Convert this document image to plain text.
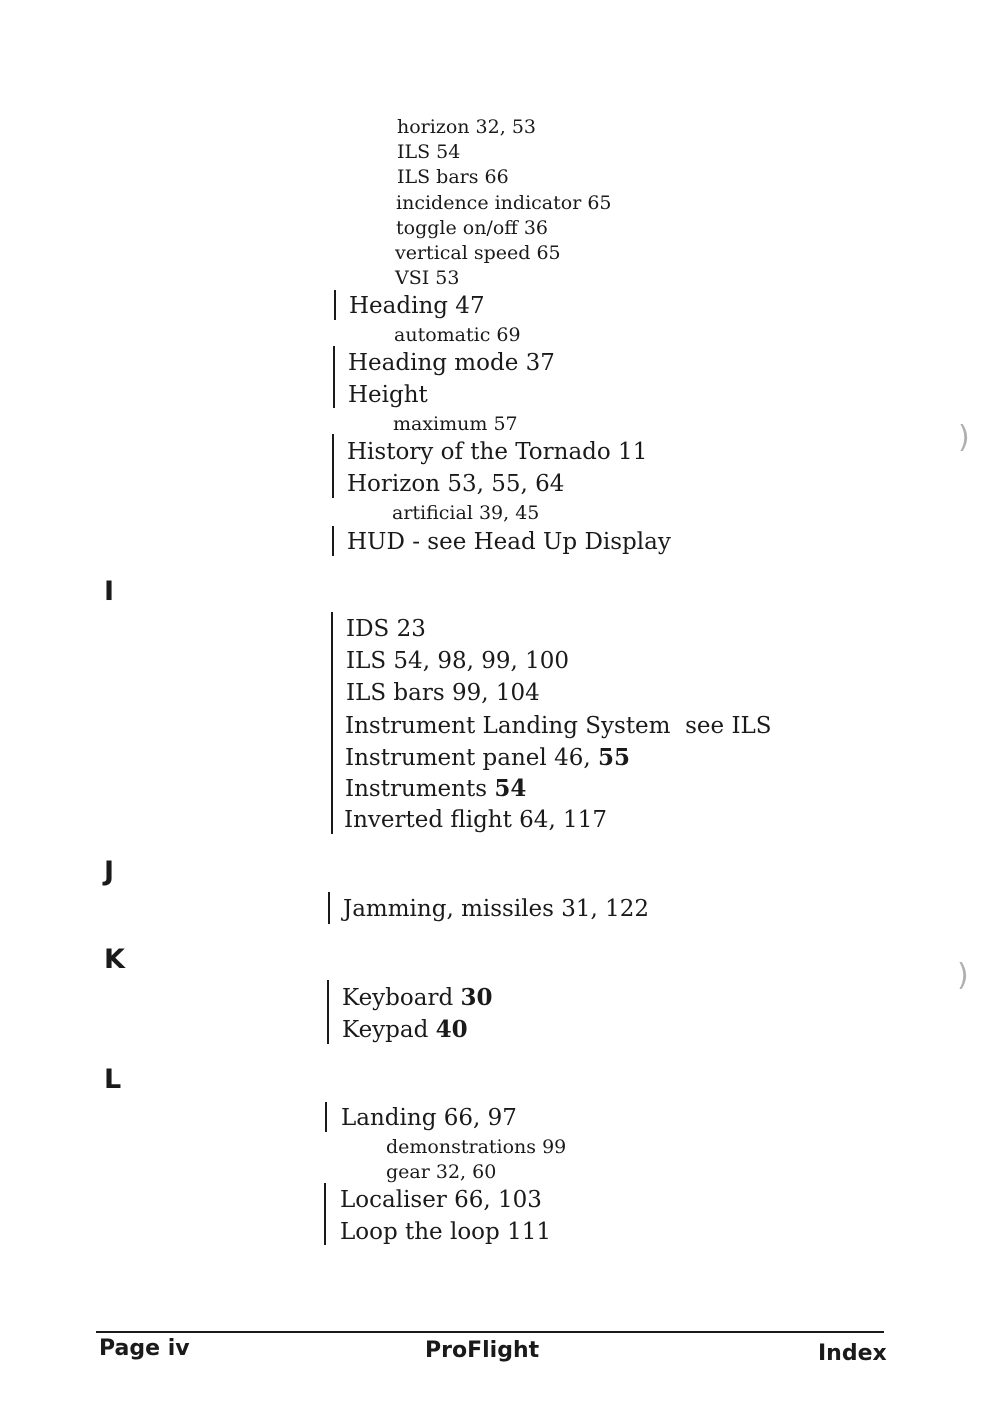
horizon 32, 53
ILS 54
ILS bars 66
incidence indicator 65
toggle on/off 36
vertical speed 65
VSI 53
Heading 47
automatic 69
Heading mode 37
Height
maximum 57
History of the Tornado 11
Horizon 53, 55, 64
artificial 39, 45
HUD - see Head Up Display
I
IDS 23
ILS 54, 98, 99, 100
ILS bars 99, 104
Instrument Landing System  see ILS
Instrument panel 46, 55
Instruments 54
Inverted flight 64, 117
J
Jamming, missiles 31, 122
K
Keyboard 30
Keypad 40
L
Landing 66, 97
demonstrations 99
gear 32, 60
Localiser 66, 103
Loop the loop 111
)
)
Page iv	ProFlight	Index
